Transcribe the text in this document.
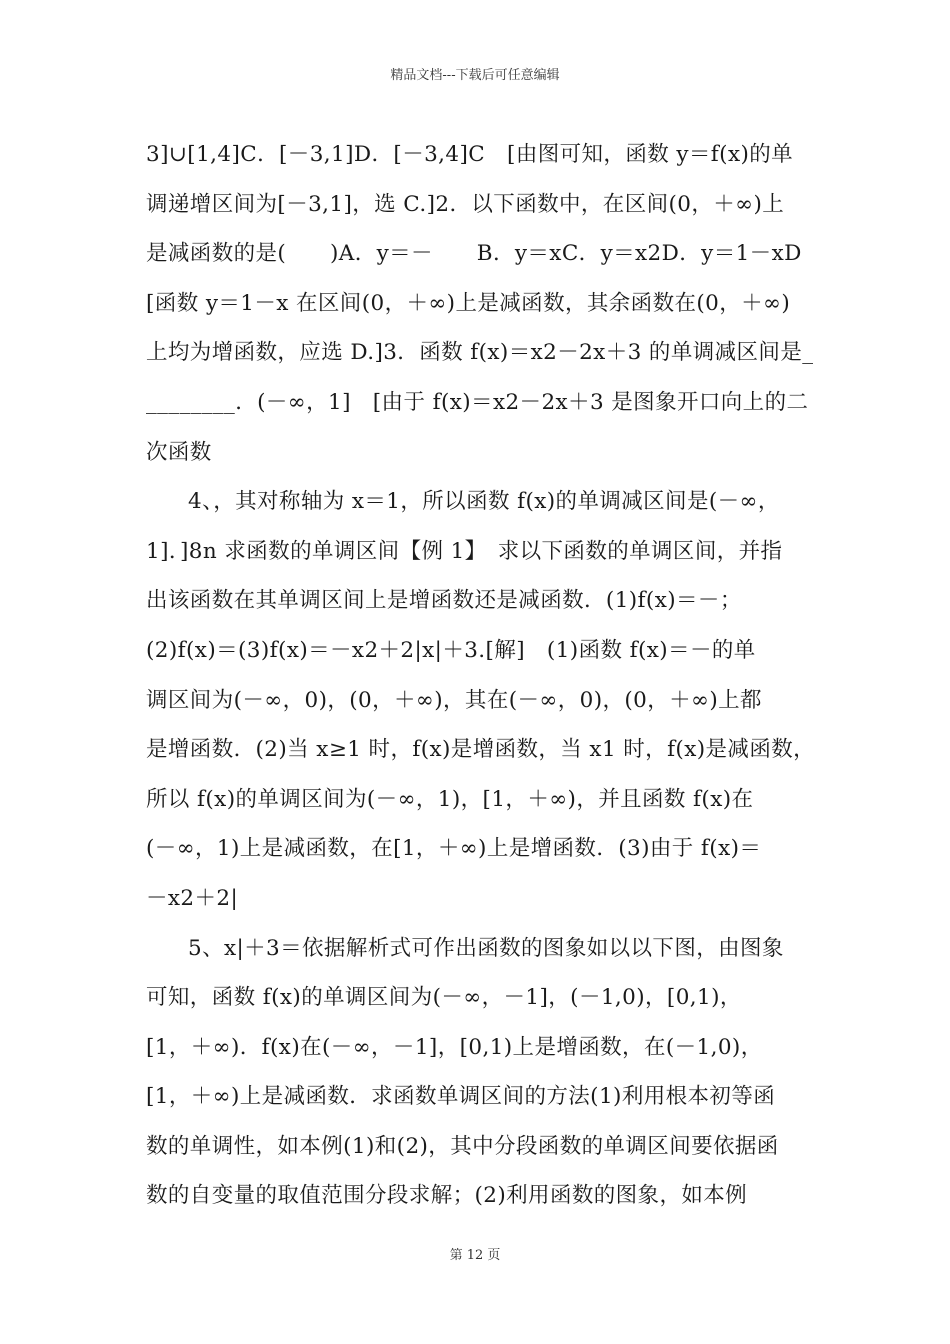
精品文档---下载后可任意编辑
3]∪[1,4]C．[－3,1]D．[－3,4]C　[由图可知，函数 y＝f(x)的单
调递增区间为[－3,1]，选 C.]2．以下函数中，在区间(0，＋∞)上
是减函数的是(　　)A．y＝－　　B．y＝xC．y＝x2D．y＝1－xD
[函数 y＝1－x 在区间(0，＋∞)上是减函数，其余函数在(0，＋∞)
上均为增函数，应选 D.]3．函数 f(x)＝x2－2x＋3 的单调减区间是_
________．(－∞，1]　[由于 f(x)＝x2－2x＋3 是图象开口向上的二
次函数
4、，其对称轴为 x＝1，所以函数 f(x)的单调减区间是(－∞，
1]．]8n 求函数的单调区间【例 1】　求以下函数的单调区间，并指
出该函数在其单调区间上是增函数还是减函数．(1)f(x)＝－；
(2)f(x)＝(3)f(x)＝－x2＋2|x|＋3.[解]　(1)函数 f(x)＝－的单
调区间为(－∞，0)，(0，＋∞)，其在(－∞，0)，(0，＋∞)上都
是增函数．(2)当 x≥1 时，f(x)是增函数，当 x1 时，f(x)是减函数，
所以 f(x)的单调区间为(－∞，1)，[1，＋∞)，并且函数 f(x)在
(－∞，1)上是减函数，在[1，＋∞)上是增函数．(3)由于 f(x)＝
－x2＋2|
5、x|＋3＝依据解析式可作出函数的图象如以以下图，由图象
可知，函数 f(x)的单调区间为(－∞，－1]，(－1,0)，[0,1)，
[1，＋∞)．f(x)在(－∞，－1]，[0,1)上是增函数，在(－1,0)，
[1，＋∞)上是减函数．求函数单调区间的方法(1)利用根本初等函
数的单调性，如本例(1)和(2)，其中分段函数的单调区间要依据函
数的自变量的取值范围分段求解；(2)利用函数的图象，如本例
第 12 页
